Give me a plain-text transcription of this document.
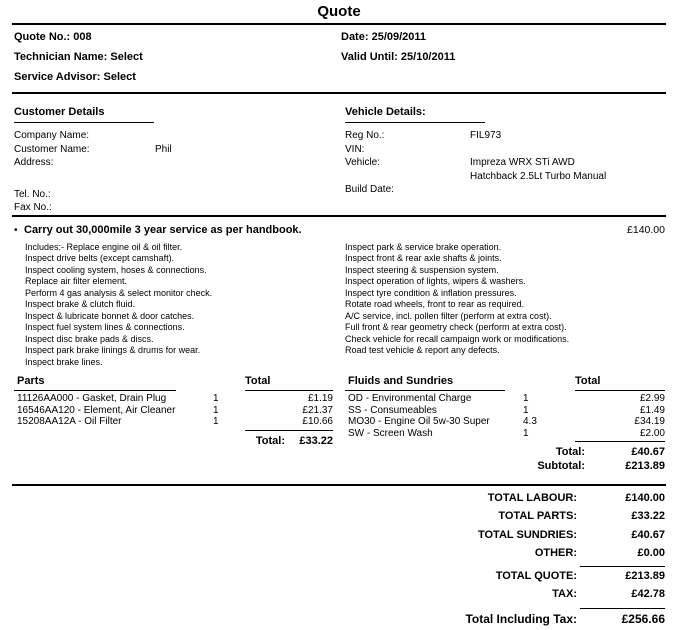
Quote
Quote No.: 008	Date: 25/09/2011
Technician Name: Select	Valid Until: 25/10/2011
Service Advisor: Select
Customer Details
Company Name:
Customer Name:	Phil
Address:
Tel. No.:
Fax No.:
Vehicle Details:
Reg No.:	FIL973
VIN:
Vehicle:	Impreza WRX STi AWD
Hatchback 2.5Lt Turbo Manual
Build Date:
• Carry out 30,000mile 3 year service as per handbook.	£140.00
Includes:- Replace engine oil & oil filter.
Inspect drive belts (except camshaft).
Inspect cooling system, hoses & connections.
Replace air filter element.
Perform 4 gas analysis & select monitor check.
Inspect brake & clutch fluid.
Inspect & lubricate bonnet & door catches.
Inspect fuel system lines & connections.
Inspect disc brake pads & discs.
Inspect park brake linings & drums for wear.
Inspect brake lines.
Inspect park & service brake operation.
Inspect front & rear axle shafts & joints.
Inspect steering & suspension system.
Inspect operation of lights, wipers & washers.
Inspect tyre condition & inflation pressures.
Rotate road wheels, front to rear as required.
A/C service, incl. pollen filter (perform at extra cost).
Full front & rear geometry check (perform at extra cost).
Check vehicle for recall campaign work or modifications.
Road test vehicle & report any defects.
Parts	Total
11126AA000 - Gasket, Drain Plug	1	£1.19
16546AA120 - Element, Air Cleaner	1	£21.37
15208AA12A - Oil Filter	1	£10.66
Total:	£33.22
Fluids and Sundries	Total
OD - Environmental Charge	1	£2.99
SS - Consumeables	1	£1.49
MO30 - Engine Oil 5w-30 Super	4.3	£34.19
SW - Screen Wash	1	£2.00
Total:	£40.67
Subtotal:	£213.89
TOTAL LABOUR:	£140.00
TOTAL PARTS:	£33.22
TOTAL SUNDRIES:	£40.67
OTHER:	£0.00
TOTAL QUOTE:	£213.89
TAX:	£42.78
Total Including Tax:	£256.66
